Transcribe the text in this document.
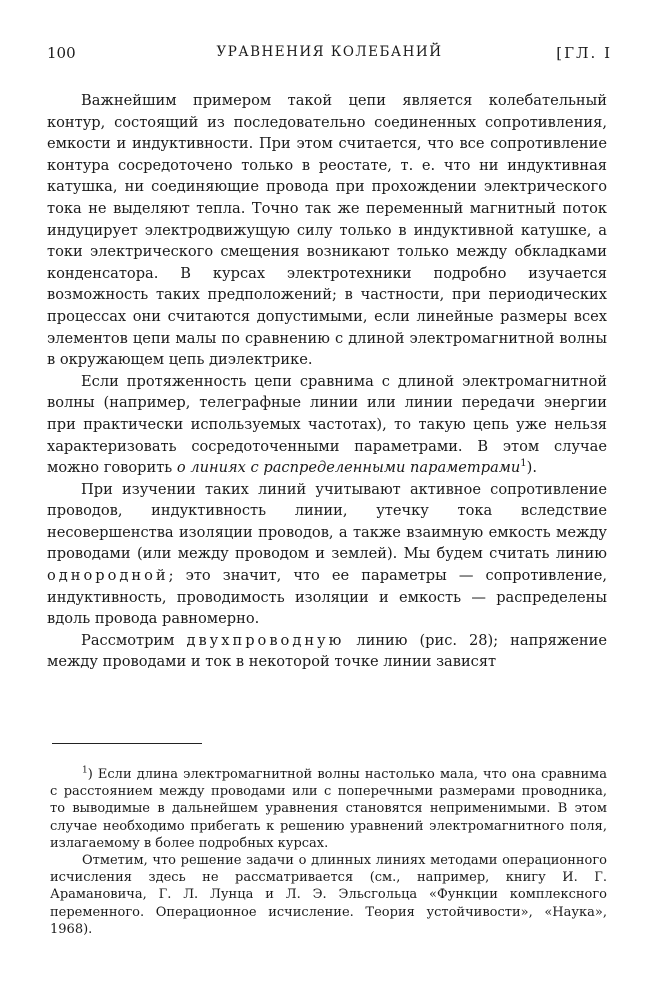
100	УРАВНЕНИЯ КОЛЕБАНИЙ	[ГЛ. I

Важнейшим примером такой цепи является колебательный контур, состоящий из последовательно соединенных сопротивления, емкости и индуктивности. При этом считается, что все сопротивление контура сосредоточено только в реостате, т. е. что ни индуктивная катушка, ни соединяющие провода при прохождении электрического тока не выделяют тепла. Точно так же переменный магнитный поток индуцирует электродвижущую силу только в индуктивной катушке, а токи электрического смещения возникают только между обкладками конденсатора. В курсах электротехники подробно изучается возможность таких предположений; в частности, при периодических процессах они считаются допустимыми, если линейные размеры всех элементов цепи малы по сравнению с длиной электромагнитной волны в окружающем цепь диэлектрике.

Если протяженность цепи сравнима с длиной электромагнитной волны (например, телеграфные линии или линии передачи энергии при практически используемых частотах), то такую цепь уже нельзя характеризовать сосредоточенными параметрами. В этом случае можно говорить о линиях с распределенными параметрами$^1$).

При изучении таких линий учитывают активное сопротивление проводов, индуктивность линии, утечку тока вследствие несовершенства изоляции проводов, а также взаимную емкость между проводами (или между проводом и землей). Мы будем считать линию однородной; это значит, что ее параметры — сопротивление, индуктивность, проводимость изоляции и емкость — распределены вдоль провода равномерно.

Рассмотрим двухпроводную линию (рис. 28); напряжение между проводами и ток в некоторой точке линии зависят

$^1$) Если длина электромагнитной волны настолько мала, что она сравнима с расстоянием между проводами или с поперечными размерами проводника, то выводимые в дальнейшем уравнения становятся неприменимыми. В этом случае необходимо прибегать к решению уравнений электромагнитного поля, излагаемому в более подробных курсах.

Отметим, что решение задачи о длинных линиях методами операционного исчисления здесь не рассматривается (см., например, книгу И. Г. Арамановича, Г. Л. Лунца и Л. Э. Эльсгольца «Функции комплексного переменного. Операционное исчисление. Теория устойчивости», «Наука», 1968).
